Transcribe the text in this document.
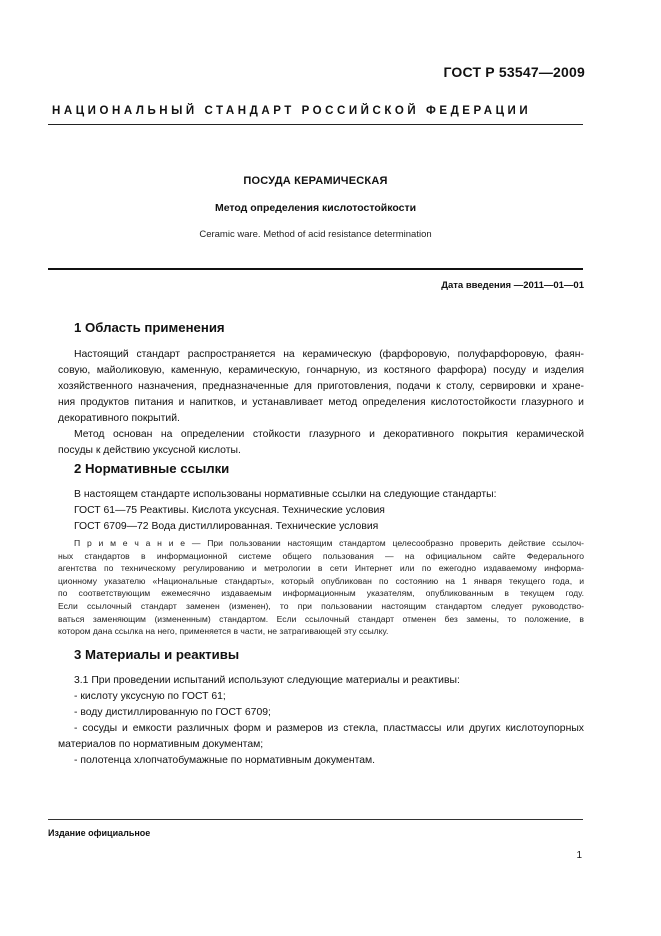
ГОСТ Р 53547—2009
НАЦИОНАЛЬНЫЙ СТАНДАРТ РОССИЙСКОЙ ФЕДЕРАЦИИ
ПОСУДА КЕРАМИЧЕСКАЯ
Метод определения кислотостойкости
Ceramic ware. Method of acid resistance determination
Дата введения —2011—01—01
1 Область применения
Настоящий стандарт распространяется на керамическую (фарфоровую, полуфарфоровую, фаян-
совую, майоликовую, каменную, керамическую, гончарную, из костяного фарфора) посуду и изделия
хозяйственного назначения, предназначенные для приготовления, подачи к столу, сервировки и хране-
ния продуктов питания и напитков, и устанавливает метод определения кислотостойкости глазурного и
декоративного покрытий.
Метод основан на определении стойкости глазурного и декоративного покрытия керамической
посуды к действию уксусной кислоты.
2 Нормативные ссылки
В настоящем стандарте использованы нормативные ссылки на следующие стандарты:
ГОСТ 61—75 Реактивы. Кислота уксусная. Технические условия
ГОСТ 6709—72 Вода дистиллированная. Технические условия
П р и м е ч а н и е — При пользовании настоящим стандартом целесообразно проверить действие ссылоч-
ных стандартов в информационной системе общего пользования — на официальном сайте Федерального
агентства по техническому регулированию и метрологии в сети Интернет или по ежегодно издаваемому информа-
ционному указателю «Национальные стандарты», который опубликован по состоянию на 1 января текущего года, и
по соответствующим ежемесячно издаваемым информационным указателям, опубликованным в текущем году.
Если ссылочный стандарт заменен (изменен), то при пользовании настоящим стандартом следует руководство-
ваться заменяющим (измененным) стандартом. Если ссылочный стандарт отменен без замены, то положение, в
котором дана ссылка на него, применяется в части, не затрагивающей эту ссылку.
3 Материалы и реактивы
3.1 При проведении испытаний используют следующие материалы и реактивы:
- кислоту уксусную по ГОСТ 61;
- воду дистиллированную по ГОСТ 6709;
- сосуды и емкости различных форм и размеров из стекла, пластмассы или других кислотоупорных
материалов по нормативным документам;
- полотенца хлопчатобумажные по нормативным документам.
Издание официальное
1
